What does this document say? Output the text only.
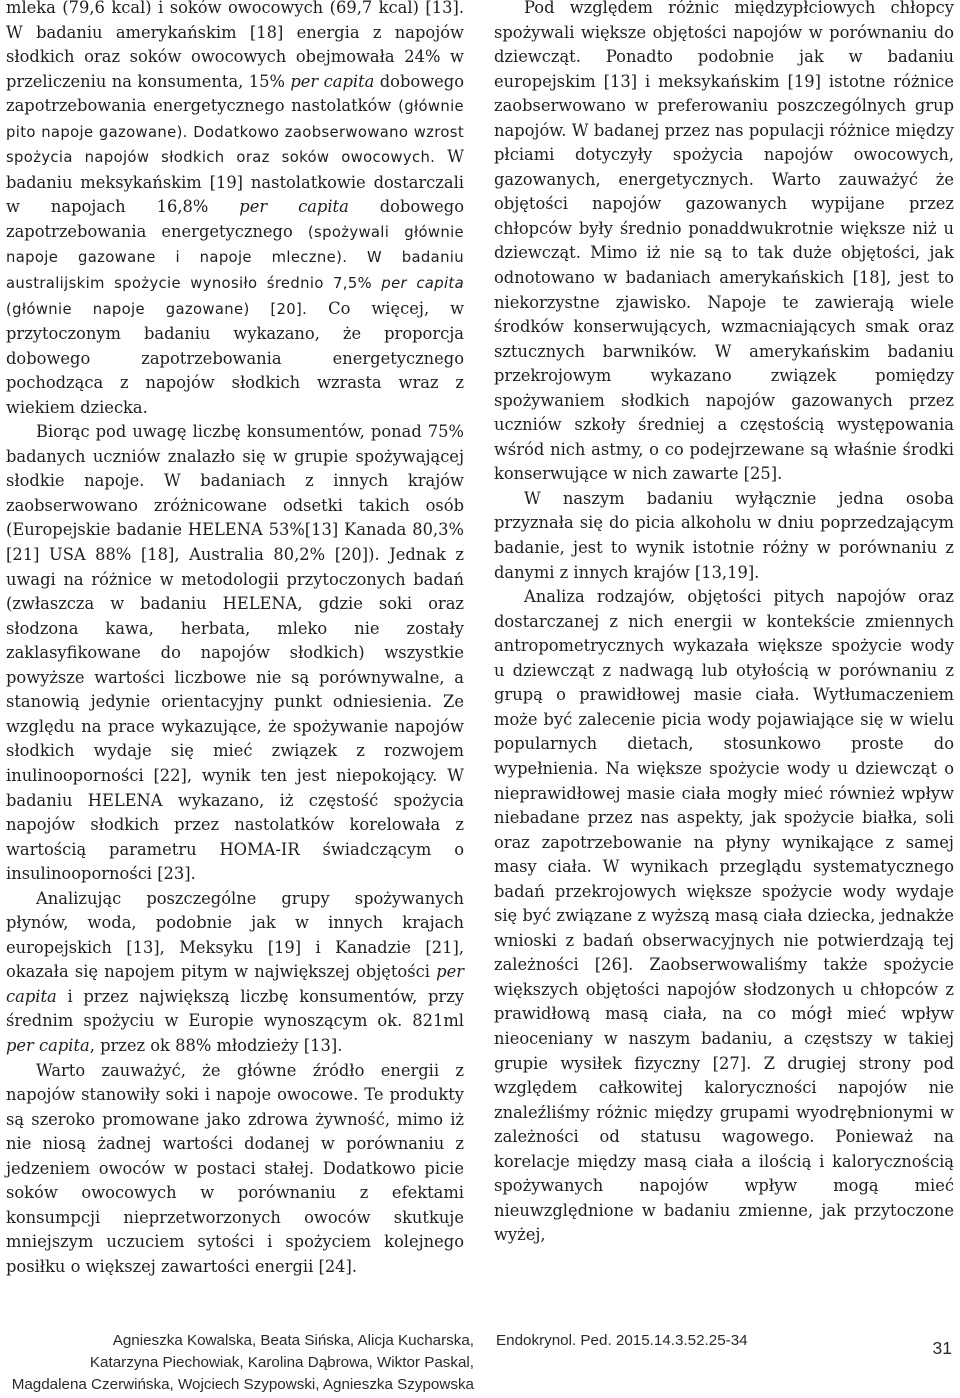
mleka (79,6 kcal) i soków owocowych (69,7 kcal) [13]. W badaniu amerykańskim [18] energia z napojów słodkich oraz soków owocowych obejmowała 24% w przeliczeniu na konsumenta, 15% per capita dobowego zapotrzebowania energetycznego nastolatków (głównie pito napoje gazowane). Dodatkowo zaobserwowano wzrost spożycia napojów słodkich oraz soków owocowych. W badaniu meksykańskim [19] nastolatkowie dostarczali w napojach 16,8% per capita dobowego zapotrzebowania energetycznego (spożywali głównie napoje gazowane i napoje mleczne). W badaniu australijskim spożycie wynosiło średnio 7,5% per capita (głównie napoje gazowane) [20]. Co więcej, w przytoczonym badaniu wykazano, że proporcja dobowego zapotrzebowania energetycznego pochodząca z napojów słodkich wzrasta wraz z wiekiem dziecka.

Biorąc pod uwagę liczbę konsumentów, ponad 75% badanych uczniów znalazło się w grupie spożywającej słodkie napoje. W badaniach z innych krajów zaobserwowano zróżnicowane odsetki takich osób (Europejskie badanie HELENA 53%[13] Kanada 80,3% [21] USA 88% [18], Australia 80,2% [20]). Jednak z uwagi na różnice w metodologii przytoczonych badań (zwłaszcza w badaniu HELENA, gdzie soki oraz słodzona kawa, herbata, mleko nie zostały zaklasyfikowane do napojów słodkich) wszystkie powyższe wartości liczbowe nie są porównywalne, a stanowią jedynie orientacyjny punkt odniesienia. Ze względu na prace wykazujące, że spożywanie napojów słodkich wydaje się mieć związek z rozwojem inulinooporności [22], wynik ten jest niepokojący. W badaniu HELENA wykazano, iż częstość spożycia napojów słodkich przez nastolatków korelowała z wartością parametru HOMA-IR świadczącym o insulinooporności [23].

Analizując poszczególne grupy spożywanych płynów, woda, podobnie jak w innych krajach europejskich [13], Meksyku [19] i Kanadzie [21], okazała się napojem pitym w największej objętości per capita i przez największą liczbę konsumentów, przy średnim spożyciu w Europie wynoszącym ok. 821ml per capita, przez ok 88% młodzieży [13].

Warto zauważyć, że główne źródło energii z napojów stanowiły soki i napoje owocowe. Te produkty są szeroko promowane jako zdrowa żywność, mimo iż nie niosą żadnej wartości dodanej w porównaniu z jedzeniem owoców w postaci stałej. Dodatkowo picie soków owocowych w porównaniu z efektami konsumpcji nieprzetworzonych owoców skutkuje mniejszym uczuciem sytości i spożyciem kolejnego posiłku o większej zawartości energii [24].

Pod względem różnic międzypłciowych chłopcy spożywali większe objętości napojów w porównaniu do dziewcząt. Ponadto podobnie jak w badaniu europejskim [13] i meksykańskim [19] istotne różnice zaobserwowano w preferowaniu poszczególnych grup napojów. W badanej przez nas populacji różnice między płciami dotyczyły spożycia napojów owocowych, gazowanych, energetycznych. Warto zauważyć że objętości napojów gazowanych wypijane przez chłopców były średnio ponaddwukrotnie większe niż u dziewcząt. Mimo iż nie są to tak duże objętości, jak odnotowano w badaniach amerykańskich [18], jest to niekorzystne zjawisko. Napoje te zawierają wiele środków konserwujących, wzmacniających smak oraz sztucznych barwników. W amerykańskim badaniu przekrojowym wykazano związek pomiędzy spożywaniem słodkich napojów gazowanych przez uczniów szkoły średniej a częstością występowania wśród nich astmy, o co podejrzewane są właśnie środki konserwujące w nich zawarte [25].

W naszym badaniu wyłącznie jedna osoba przyznała się do picia alkoholu w dniu poprzedzającym badanie, jest to wynik istotnie różny w porównaniu z danymi z innych krajów [13,19].

Analiza rodzajów, objętości pitych napojów oraz dostarczanej z nich energii w kontekście zmiennych antropometrycznych wykazała większe spożycie wody u dziewcząt z nadwagą lub otyłością w porównaniu z grupą o prawidłowej masie ciała. Wytłumaczeniem może być zalecenie picia wody pojawiające się w wielu popularnych dietach, stosunkowo proste do wypełnienia. Na większe spożycie wody u dziewcząt o nieprawidłowej masie ciała mogły mieć również wpływ niebadane przez nas aspekty, jak spożycie białka, soli oraz zapotrzebowanie na płyny wynikające z samej masy ciała. W wynikach przeglądu systematycznego badań przekrojowych większe spożycie wody wydaje się być związane z wyższą masą ciała dziecka, jednakże wnioski z badań obserwacyjnych nie potwierdzają tej zależności [26]. Zaobserwowaliśmy także spożycie większych objętości napojów słodzonych u chłopców z prawidłową masą ciała, na co mógł mieć wpływ nieoceniany w naszym badaniu, a częstszy w takiej grupie wysiłek fizyczny [27]. Z drugiej strony pod względem całkowitej kaloryczności napojów nie znaleźliśmy różnic między grupami wyodrębnionymi w zależności od statusu wagowego. Ponieważ na korelacje między masą ciała a ilością i kalorycznością spożywanych napojów wpływ mogą mieć nieuwzględnione w badaniu zmienne, jak przytoczone wyżej,

Agnieszka Kowalska, Beata Sińska, Alicja Kucharska,
Katarzyna Piechowiak, Karolina Dąbrowa, Wiktor Paskal,
Magdalena Czerwińska, Wojciech Szypowski, Agnieszka Szypowska
Endokrynol. Ped. 2015.14.3.52.25-34	31
